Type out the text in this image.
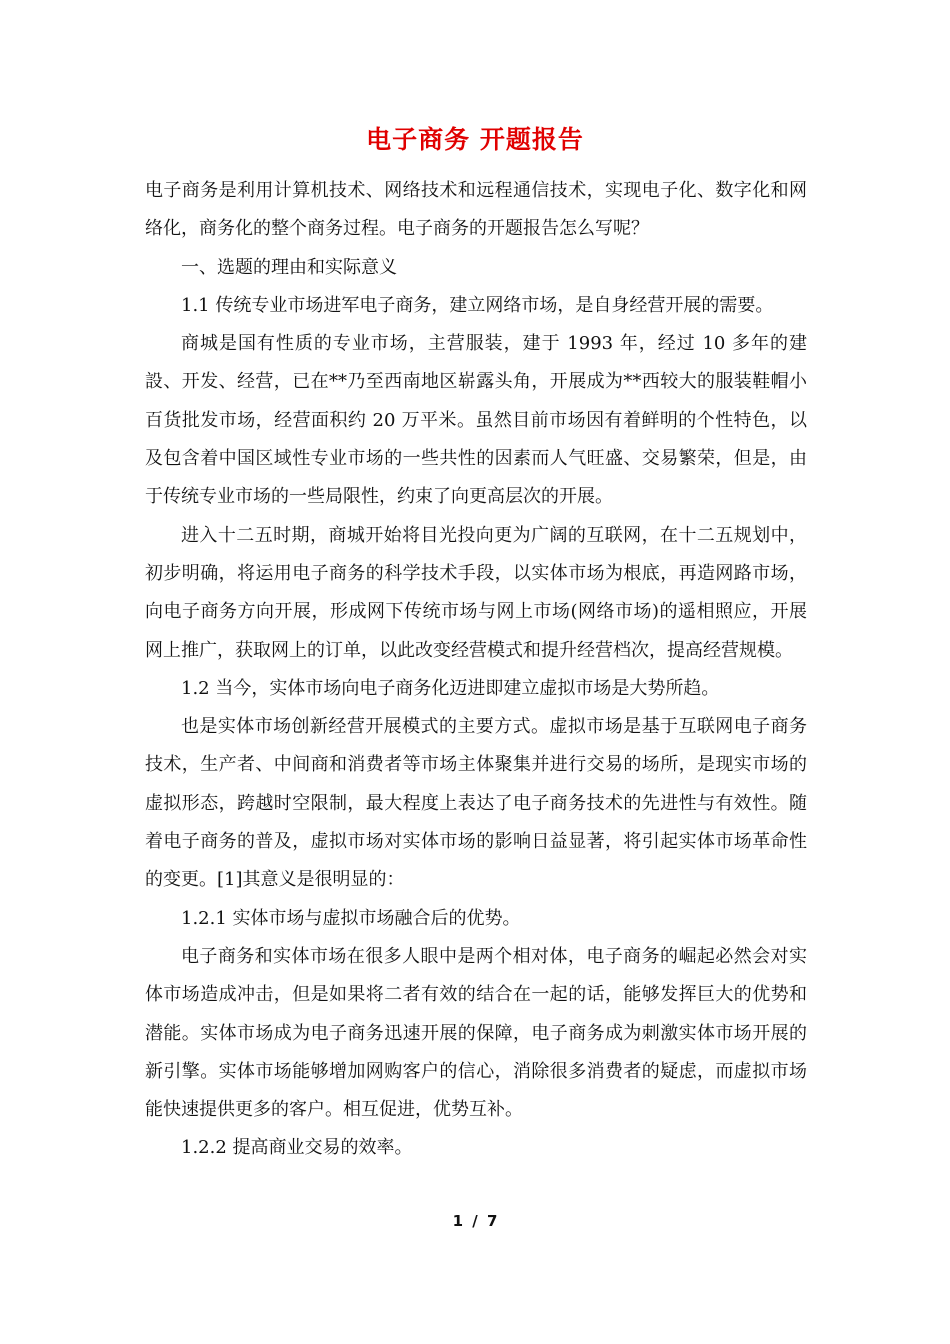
电子商务 开题报告

电子商务是利用计算机技术、网络技术和远程通信技术，实现电子化、数字化和网络化，商务化的整个商务过程。电子商务的开题报告怎么写呢？

一、选题的理由和实际意义

1.1 传统专业市场进军电子商务，建立网络市场，是自身经营开展的需要。

商城是国有性质的专业市场，主营服装，建于 1993 年，经过 10 多年的建設、开发、经营，已在**乃至西南地区崭露头角，开展成为**西较大的服装鞋帽小百货批发市场，经营面积约 20 万平米。虽然目前市场因有着鲜明的个性特色，以及包含着中国区域性专业市场的一些共性的因素而人气旺盛、交易繁荣，但是，由于传统专业市场的一些局限性，约束了向更高层次的开展。

进入十二五时期，商城开始将目光投向更为广阔的互联网，在十二五规划中，初步明确，将运用电子商务的科学技术手段，以实体市场为根底，再造网路市场，向电子商务方向开展，形成网下传统市场与网上市场(网络市场)的遥相照应，开展网上推广，获取网上的订单，以此改变经营模式和提升经营档次，提高经营规模。

1.2 当今，实体市场向电子商务化迈进即建立虚拟市场是大势所趋。

也是实体市场创新经营开展模式的主要方式。虚拟市场是基于互联网电子商务技术，生产者、中间商和消费者等市场主体聚集并进行交易的场所，是现实市场的虚拟形态，跨越时空限制，最大程度上表达了电子商务技术的先进性与有效性。随着电子商务的普及，虚拟市场对实体市场的影响日益显著，将引起实体市场革命性的变更。[1]其意义是很明显的：

1.2.1 实体市场与虚拟市场融合后的优势。

电子商务和实体市场在很多人眼中是两个相对体，电子商务的崛起必然会对实体市场造成冲击，但是如果将二者有效的结合在一起的话，能够发挥巨大的优势和潜能。实体市场成为电子商务迅速开展的保障，电子商务成为刺激实体市场开展的新引擎。实体市场能够增加网购客户的信心，消除很多消费者的疑虑，而虚拟市场能快速提供更多的客户。相互促进，优势互补。

1.2.2 提高商业交易的效率。

1 / 7
